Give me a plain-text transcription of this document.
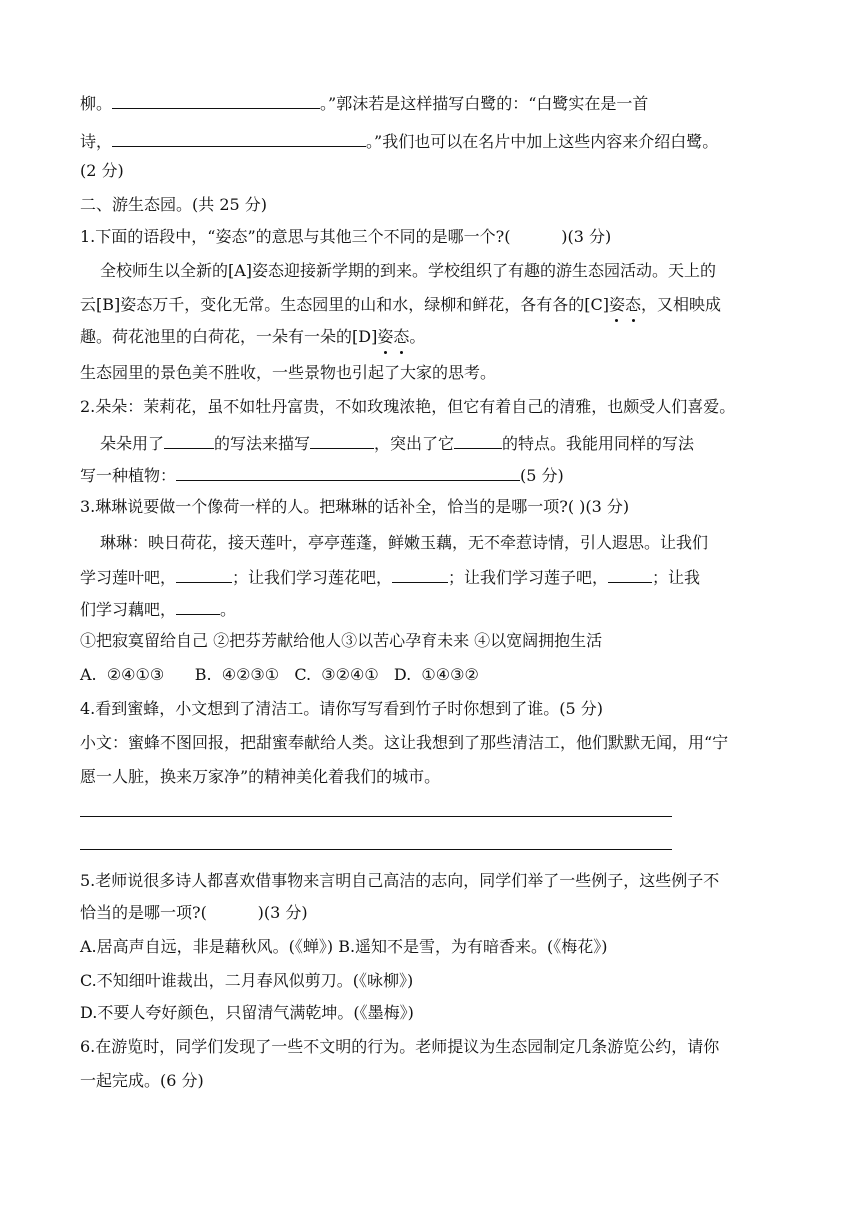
柳。	。”郭沫若是这样描写白鹭的：“白鹭实在是一首
诗，	。”我们也可以在名片中加上这些内容来介绍白鹭。
(2 分)
二、游生态园。(共 25 分)
1.下面的语段中，“姿态”的意思与其他三个不同的是哪一个?(          )(3 分)
全校师生以全新的[A]姿态迎接新学期的到来。学校组织了有趣的游生态园活动。天上的
云[B]姿态万千，变化无常。生态园里的山和水，绿柳和鲜花，各有各的[C]姿态，又相映成
趣。荷花池里的白荷花，一朵有一朵的[D]姿态。
生态园里的景色美不胜收，一些景物也引起了大家的思考。
2.朵朵：茉莉花，虽不如牡丹富贵，不如玫瑰浓艳，但它有着自己的清雅，也颇受人们喜爱。
朵朵用了	的写法来描写	，突出了它	的特点。我能用同样的写法
写一种植物：	(5 分)
3.琳琳说要做一个像荷一样的人。把琳琳的话补全，恰当的是哪一项?( )(3 分)
琳琳：映日荷花，接天莲叶，亭亭莲蓬，鲜嫩玉藕，无不牵惹诗情，引人遐思。让我们
学习莲叶吧，	；让我们学习莲花吧，	；让我们学习莲子吧，	；让我
们学习藕吧，	。
①把寂寞留给自己 ②把芬芳献给他人③以苦心孕育未来 ④以宽阔拥抱生活
A.  ②④①③      B.  ④②③①   C.  ③②④①   D.  ①④③②
4.看到蜜蜂，小文想到了清洁工。请你写写看到竹子时你想到了谁。(5 分)
小文：蜜蜂不图回报，把甜蜜奉献给人类。这让我想到了那些清洁工，他们默默无闻，用“宁
愿一人脏，换来万家净”的精神美化着我们的城市。
5.老师说很多诗人都喜欢借事物来言明自己高洁的志向，同学们举了一些例子，这些例子不
恰当的是哪一项?(          )(3 分)
A.居高声自远，非是藉秋风。(《蝉》) B.遥知不是雪，为有暗香来。(《梅花》)
C.不知细叶谁裁出，二月春风似剪刀。(《咏柳》)
D.不要人夸好颜色，只留清气满乾坤。(《墨梅》)
6.在游览时，同学们发现了一些不文明的行为。老师提议为生态园制定几条游览公约，请你
一起完成。(6 分)
